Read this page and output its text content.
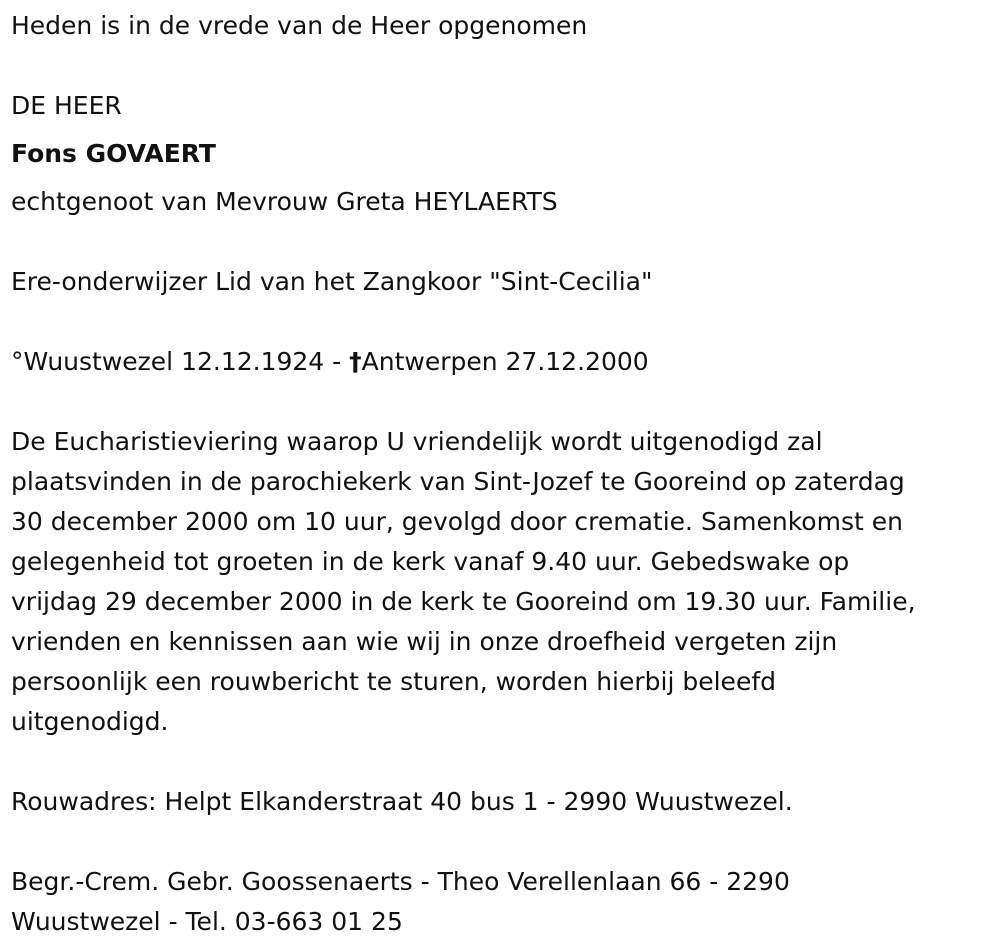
Heden is in de vrede van de Heer opgenomen

DE HEER

Fons GOVAERT

echtgenoot van Mevrouw Greta HEYLAERTS

Ere-onderwijzer Lid van het Zangkoor "Sint-Cecilia"

°Wuustwezel 12.12.1924 - †Antwerpen 27.12.2000

De Eucharistieviering waarop U vriendelijk wordt uitgenodigd zal

plaatsvinden in de parochiekerk van Sint-Jozef te Gooreind op zaterdag

30 december 2000 om 10 uur, gevolgd door crematie. Samenkomst en

gelegenheid tot groeten in de kerk vanaf 9.40 uur. Gebedswake op

vrijdag 29 december 2000 in de kerk te Gooreind om 19.30 uur. Familie,

vrienden en kennissen aan wie wij in onze droefheid vergeten zijn

persoonlijk een rouwbericht te sturen, worden hierbij beleefd

uitgenodigd.

Rouwadres: Helpt Elkanderstraat 40 bus 1 - 2990 Wuustwezel.

Begr.-Crem. Gebr. Goossenaerts - Theo Verellenlaan 66 - 2290

Wuustwezel - Tel. 03-663 01 25
